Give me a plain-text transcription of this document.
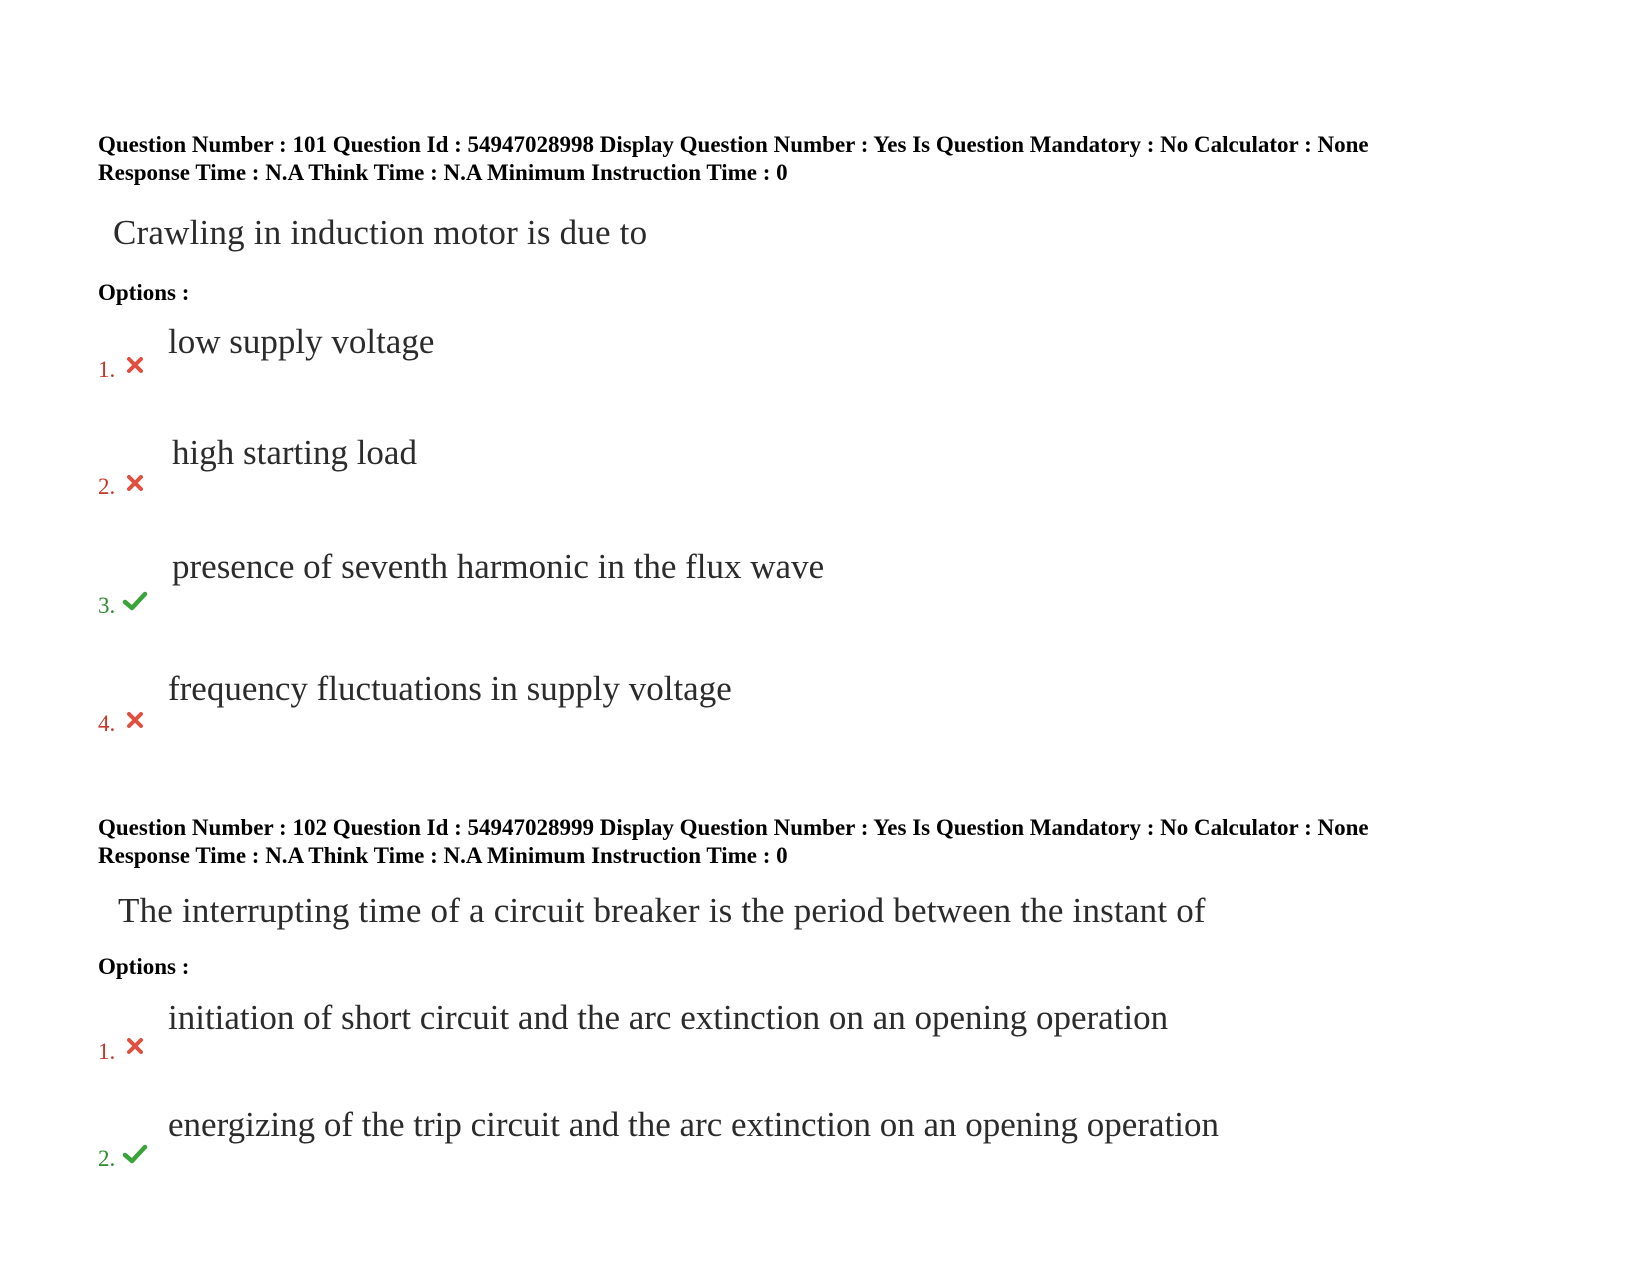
Question Number : 101 Question Id : 54947028998 Display Question Number : Yes Is Question Mandatory : No Calculator : None
Response Time : N.A Think Time : N.A Minimum Instruction Time : 0
Crawling in induction motor is due to
Options :
1.
low supply voltage
2.
high starting load
3.
presence of seventh harmonic in the flux wave
4.
frequency fluctuations in supply voltage
Question Number : 102 Question Id : 54947028999 Display Question Number : Yes Is Question Mandatory : No Calculator : None
Response Time : N.A Think Time : N.A Minimum Instruction Time : 0
The interrupting time of a circuit breaker is the period between the instant of
Options :
1.
initiation of short circuit and the arc extinction on an opening operation
2.
energizing of the trip circuit and the arc extinction on an opening operation
